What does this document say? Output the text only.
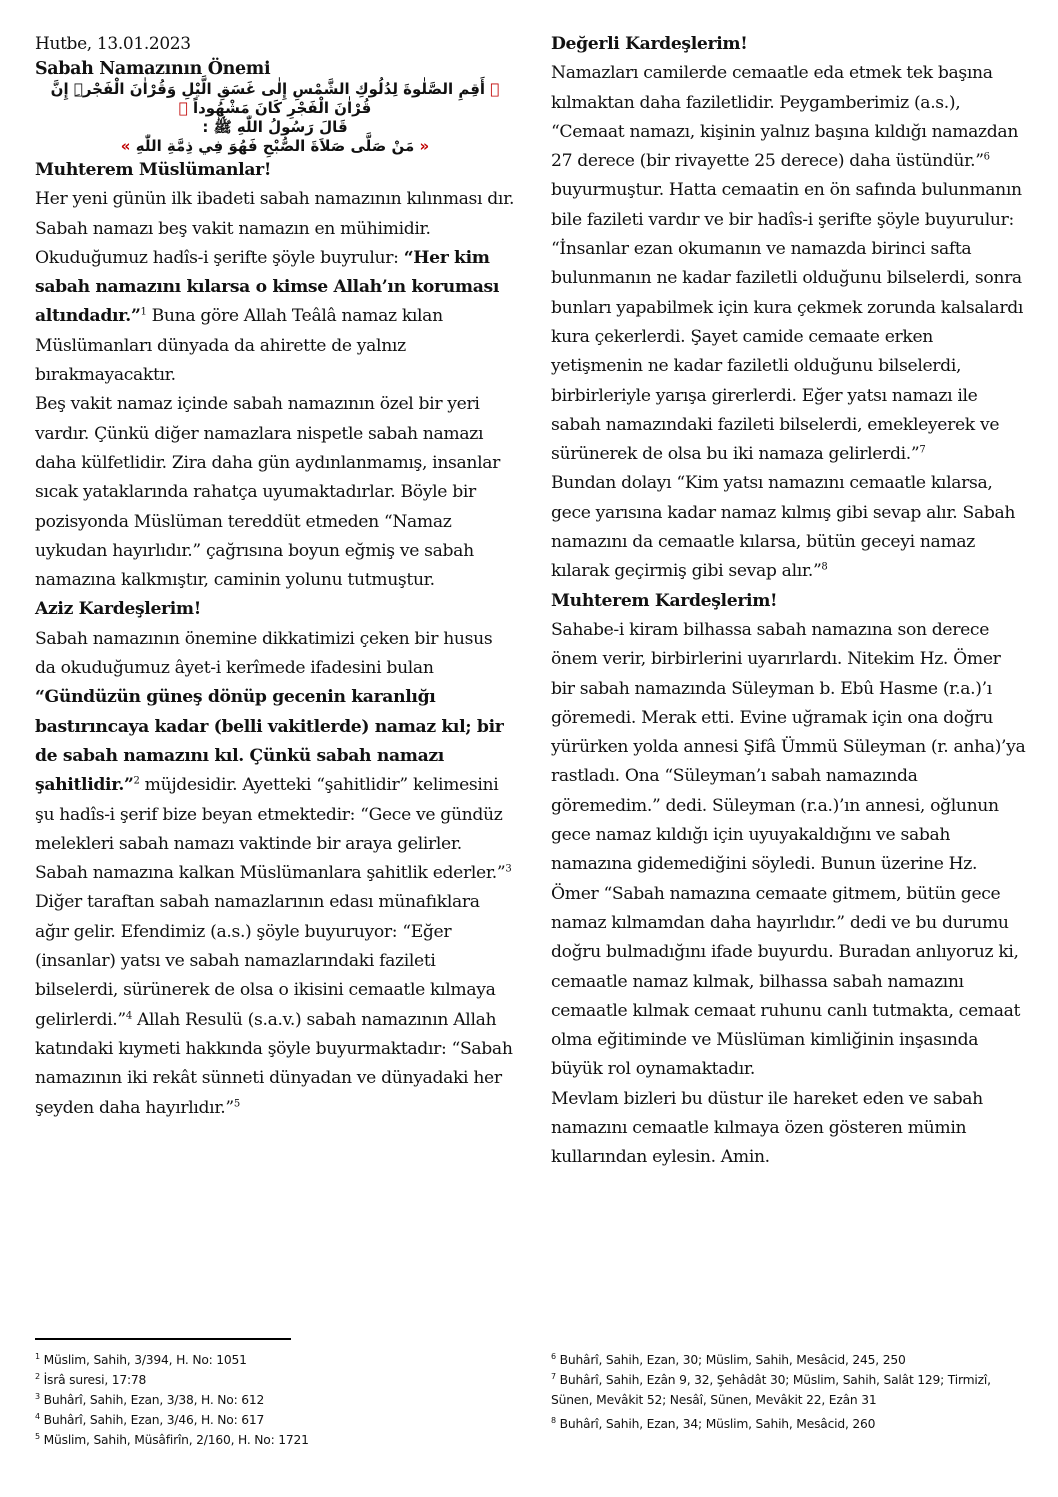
Hutbe, 13.01.2023
Sabah Namazının Önemi
﴾ أَقِمِ الصَّلٰوةَ لِدُلُوكِ الشَّمْسِ إِلٰى غَسَقِ الَّيْلِ وَقُرْاٰنَ الْفَجْرِۜ إِنَّ قُرْاٰنَ الْفَجْرِ كَانَ مَشْهُوداً ﴿
قَالَ رَسُولُ اللّٰهِ ﷺ :
« مَنْ صَلَّى صَلاَةَ الصُّبْحِ فَهُوَ فِي ذِمَّةِ اللّٰهِ »
Muhterem Müslümanlar!

Her yeni günün ilk ibadeti sabah namazının kılınması dır. Sabah namazı beş vakit namazın en mühimidir. Okuduğumuz hadîs-i şerifte şöyle buyrulur: “Her kim sabah namazını kılarsa o kimse Allah’ın koruması altındadır.”$^1$ Buna göre Allah Teâlâ namaz kılan Müslümanları dünyada da ahirette de yalnız bırakmayacaktır.

Beş vakit namaz içinde sabah namazının özel bir yeri vardır. Çünkü diğer namazlara nispetle sabah namazı daha külfetlidir. Zira daha gün aydınlanmamış, insanlar sıcak yataklarında rahatça uyumaktadırlar. Böyle bir pozisyonda Müslüman tereddüt etmeden “Namaz uykudan hayırlıdır.” çağrısına boyun eğmiş ve sabah namazına kalkmıştır, caminin yolunu tutmuştur.

Aziz Kardeşlerim!

Sabah namazının önemine dikkatimizi çeken bir husus da okuduğumuz âyet-i kerîmede ifadesini bulan “Gündüzün güneş dönüp gecenin karanlığı bastırıncaya kadar (belli vakitlerde) namaz kıl; bir de sabah namazını kıl. Çünkü sabah namazı şahitlidir.”$^2$ müjdesidir. Ayetteki “şahitlidir” kelimesini şu hadîs-i şerif bize beyan etmektedir: “Gece ve gündüz melekleri sabah namazı vaktinde bir araya gelirler. Sabah namazına kalkan Müslümanlara şahitlik ederler.”$^3$

Diğer taraftan sabah namazlarının edası münafıklara ağır gelir. Efendimiz (a.s.) şöyle buyuruyor: “Eğer (insanlar) yatsı ve sabah namazlarındaki fazileti bilselerdi, sürünerek de olsa o ikisini cemaatle kılmaya gelirlerdi.”$^4$ Allah Resulü (s.a.v.) sabah namazının Allah katındaki kıymeti hakkında şöyle buyurmaktadır: “Sabah namazının iki rekât sünneti dünyadan ve dünyadaki her şeyden daha hayırlıdır.”$^5$

Değerli Kardeşlerim!

Namazları camilerde cemaatle eda etmek tek başına kılmaktan daha faziletlidir. Peygamberimiz (a.s.), “Cemaat namazı, kişinin yalnız başına kıldığı namazdan 27 derece (bir rivayette 25 derece) daha üstündür.”$^6$ buyurmuştur. Hatta cemaatin en ön safında bulunmanın bile fazileti vardır ve bir hadîs-i şerifte şöyle buyurulur: “İnsanlar ezan okumanın ve namazda birinci safta bulunmanın ne kadar faziletli olduğunu bilselerdi, sonra bunları yapabilmek için kura çekmek zorunda kalsalardı kura çekerlerdi. Şayet camide cemaate erken yetişmenin ne kadar faziletli olduğunu bilselerdi, birbirleriyle yarışa girerlerdi. Eğer yatsı namazı ile sabah namazındaki fazileti bilselerdi, emekleyerek ve sürünerek de olsa bu iki namaza gelirlerdi.”$^7$

Bundan dolayı “Kim yatsı namazını cemaatle kılarsa, gece yarısına kadar namaz kılmış gibi sevap alır. Sabah namazını da cemaatle kılarsa, bütün geceyi namaz kılarak geçirmiş gibi sevap alır.”$^8$

Muhterem Kardeşlerim!

Sahabe-i kiram bilhassa sabah namazına son derece önem verir, birbirlerini uyarırlardı. Nitekim Hz. Ömer bir sabah namazında Süleyman b. Ebû Hasme (r.a.)’ı göremedi. Merak etti. Evine uğramak için ona doğru yürürken yolda annesi Şifâ Ümmü Süleyman (r. anha)’ya rastladı. Ona “Süleyman’ı sabah namazında göremedim.” dedi. Süleyman (r.a.)’ın annesi, oğlunun gece namaz kıldığı için uyuyakaldığını ve sabah namazına gidemediğini söyledi. Bunun üzerine Hz. Ömer “Sabah namazına cemaate gitmem, bütün gece namaz kılmamdan daha hayırlıdır.” dedi ve bu durumu doğru bulmadığını ifade buyurdu. Buradan anlıyoruz ki, cemaatle namaz kılmak, bilhassa sabah namazını cemaatle kılmak cemaat ruhunu canlı tutmakta, cemaat olma eğitiminde ve Müslüman kimliğinin inşasında büyük rol oynamaktadır.

Mevlam bizleri bu düstur ile hareket eden ve sabah namazını cemaatle kılmaya özen gösteren mümin kullarından eylesin. Amin.

$^1$ Müslim, Sahih, 3/394, H. No: 1051
$^2$ İsrâ suresi, 17:78
$^3$ Buhârî, Sahih, Ezan, 3/38, H. No: 612
$^4$ Buhârî, Sahih, Ezan, 3/46, H. No: 617
$^5$ Müslim, Sahih, Müsâfirîn, 2/160, H. No: 1721
$^6$ Buhârî, Sahih, Ezan, 30; Müslim, Sahih, Mesâcid, 245, 250
$^7$ Buhârî, Sahih, Ezân 9, 32, Şehâdât 30; Müslim, Sahih, Salât 129; Tirmizî, Sünen, Mevâkit 52; Nesâî, Sünen, Mevâkit 22, Ezân 31
$^8$ Buhârî, Sahih, Ezan, 34; Müslim, Sahih, Mesâcid, 260
